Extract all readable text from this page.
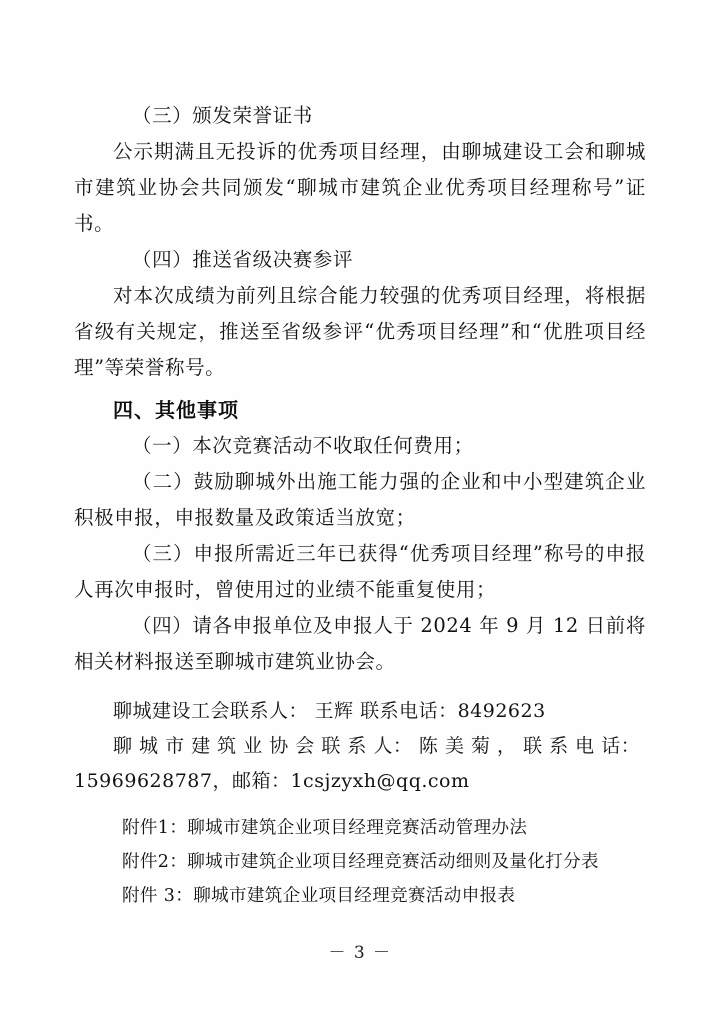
（三）颁发荣誉证书

公示期满且无投诉的优秀项目经理，由聊城建设工会和聊城市建筑业协会共同颁发“聊城市建筑企业优秀项目经理称号”证书。

（四）推送省级决赛参评

对本次成绩为前列且综合能力较强的优秀项目经理，将根据省级有关规定，推送至省级参评“优秀项目经理”和“优胜项目经理”等荣誉称号。

四、其他事项

（一）本次竞赛活动不收取任何费用；

（二）鼓励聊城外出施工能力强的企业和中小型建筑企业积极申报，申报数量及政策适当放宽；

（三）申报所需近三年已获得“优秀项目经理”称号的申报人再次申报时，曾使用过的业绩不能重复使用；

（四）请各申报单位及申报人于 2024 年 9 月 12 日前将相关材料报送至聊城市建筑业协会。

聊城建设工会联系人： 王辉 联系电话：8492623

聊 城 市 建 筑 业 协 会 联 系 人： 陈 美 菊 ， 联 系 电 话：

15969628787，邮箱：1csjzyxh@qq.com

附件1：聊城市建筑企业项目经理竞赛活动管理办法

附件2：聊城市建筑企业项目经理竞赛活动细则及量化打分表

附件 3：聊城市建筑企业项目经理竞赛活动申报表

－ 3 －
